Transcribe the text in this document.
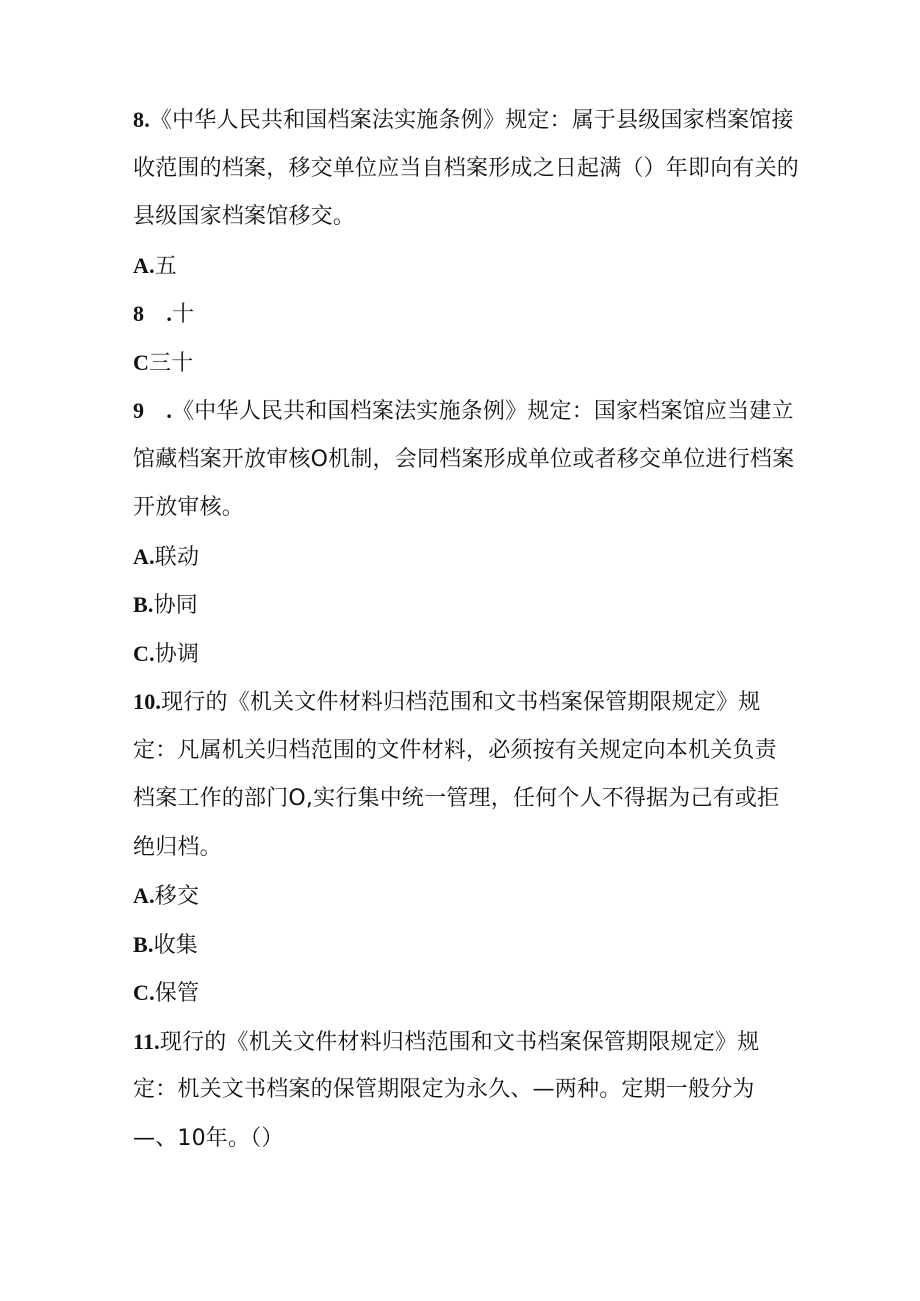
8.《中华人民共和国档案法实施条例》规定：属于县级国家档案馆接
收范围的档案，移交单位应当自档案形成之日起满（）年即向有关的
县级国家档案馆移交。
A.五
8　.十
C三十
9　.《中华人民共和国档案法实施条例》规定：国家档案馆应当建立
馆藏档案开放审核O机制，会同档案形成单位或者移交单位进行档案
开放审核。
A.联动
B.协同
C.协调
10.现行的《机关文件材料归档范围和文书档案保管期限规定》规
定：凡属机关归档范围的文件材料，必须按有关规定向本机关负责
档案工作的部门O,实行集中统一管理，任何个人不得据为己有或拒
绝归档。
A.移交
B.收集
C.保管
11.现行的《机关文件材料归档范围和文书档案保管期限规定》规
定：机关文书档案的保管期限定为永久、—两种。定期一般分为
—、10年。（）
